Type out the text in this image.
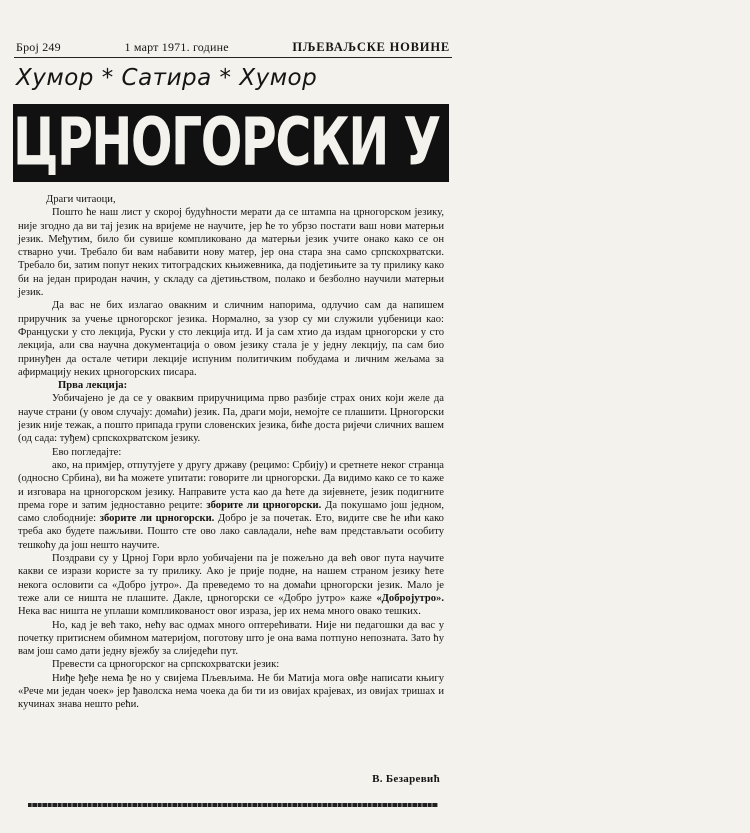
Број 249	1 март 1971. године	ПЉЕВАЉСКЕ НОВИНЕ
Хумор * Сатира * Хумор
ЦРНОГОРСКИ У 5 ЛЕКЦИЈА

Драги читаоци,

Пошто ће наш лист у скорој будућности мерати да се штампа на црногорском језику, није згодно да ви тај језик на вријеме не научите, јер ће то убрзо постати ваш нови матерњи језик. Међутим, било би сувише компликовано да матерњи језик учите онако како се он стварно учи. Требало би вам набавити нову матер, јер она стара зна само српскохрватски. Требало би, затим попут неких титоградских књижевника, да подјетињите за ту прилику како би на један природан начин, у складу са дјетињством, полако и безболно научили матерњи језик.

Да вас не бих излагао овакним и сличним напорима, одлучио сам да напишем приручник за учење црногорског језика. Нормално, за узор су ми служили уџбеници као: Француски у сто лекција, Руски у сто лекција итд. И ја сам хтио да издам црногорски у сто лекција, али сва научна документација о овом језику стала је у једну лекцију, па сам био принуђен да остале четири лекције испуним политичким побудама и личним жељама за афирмацију неких црногорских писара.

Прва лекција:

Уобичајено је да се у оваквим приручницима прво разбије страх оних који желе да науче страни (у овом случају: домаћи) језик. Па, драги моји, немојте се плашити. Црногорски језик није тежак, а пошто припада групи словенских језика, биће доста ријечи сличних вашем (од сада: туђем) српскохрватском језику.

Ево погледајте:

ако, на примјер, отпутујете у другу државу (рецимо: Србију) и сретнете неког странца (односно Србина), ви ћа можете упитати: говорите ли црногорски. Да видимо како се то каже и изговара на црногорском језику. Направите уста као да ћете да зијевнете, језик подигните према горе и затим једноставно реците: зборите ли црногорски. Да покушамо још једном, само слободније: зборите ли црногорски. Добро је за почетак. Ето, видите све ће ићи како треба ако будете пажљиви. Пошто сте ово лако савладали, неће вам представљати особиту тешкоћу да још нешто научите.

Поздрави су у Црној Гори врло уобичајени па је пожељно да већ овог пута научите какви се изрази користе за ту прилику. Ако је прије подне, на нашем страном језику ћете некога ословити са «Добро јутро». Да преведемо то на домаћи црногорски језик. Мало је теже али се ништа не плашите. Дакле, црногорски се «Добро јутро» каже «Добројутро». Нека вас ништа не уплаши компликованост овог израза, јер их нема много овако тешких.

Но, кад је већ тако, нећу вас одмах много оптерећивати. Није ни педагошки да вас у почетку притиснем обимном материјом, поготову што је она вама потпуно непозната. Зато ћу вам још само дати једну вјежбу за слиједећи пут.

Превести са црногорског на српскохрватски језик:

Ниђе ђеђе нема ђе но у свијема Пљевљима. Не би Матија мога овђе написати књигу «Рече ми један чоек» јер ђаволска нема чоека да би ти из овијах крајевах, из овијах тришах и кучинах знава нешто рећи.

В. Безаревић
